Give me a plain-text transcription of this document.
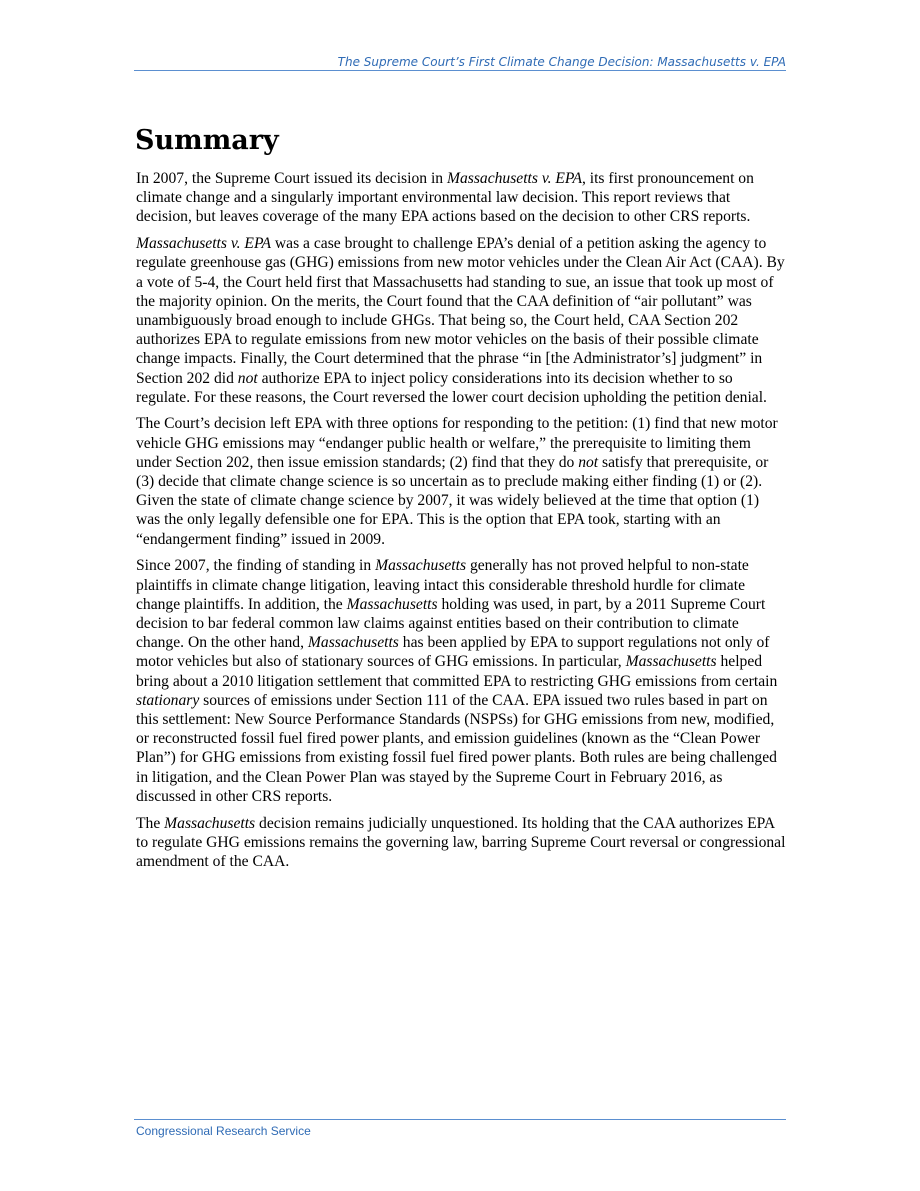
The Supreme Court’s First Climate Change Decision: Massachusetts v. EPA
Summary

In 2007, the Supreme Court issued its decision in Massachusetts v. EPA, its first pronouncement on climate change and a singularly important environmental law decision. This report reviews that decision, but leaves coverage of the many EPA actions based on the decision to other CRS reports.

Massachusetts v. EPA was a case brought to challenge EPA’s denial of a petition asking the agency to regulate greenhouse gas (GHG) emissions from new motor vehicles under the Clean Air Act (CAA). By a vote of 5-4, the Court held first that Massachusetts had standing to sue, an issue that took up most of the majority opinion. On the merits, the Court found that the CAA definition of “air pollutant” was unambiguously broad enough to include GHGs. That being so, the Court held, CAA Section 202 authorizes EPA to regulate emissions from new motor vehicles on the basis of their possible climate change impacts. Finally, the Court determined that the phrase “in [the Administrator’s] judgment” in Section 202 did not authorize EPA to inject policy considerations into its decision whether to so regulate. For these reasons, the Court reversed the lower court decision upholding the petition denial.

The Court’s decision left EPA with three options for responding to the petition: (1) find that new motor vehicle GHG emissions may “endanger public health or welfare,” the prerequisite to limiting them under Section 202, then issue emission standards; (2) find that they do not satisfy that prerequisite, or (3) decide that climate change science is so uncertain as to preclude making either finding (1) or (2). Given the state of climate change science by 2007, it was widely believed at the time that option (1) was the only legally defensible one for EPA. This is the option that EPA took, starting with an “endangerment finding” issued in 2009.

Since 2007, the finding of standing in Massachusetts generally has not proved helpful to non-state plaintiffs in climate change litigation, leaving intact this considerable threshold hurdle for climate change plaintiffs. In addition, the Massachusetts holding was used, in part, by a 2011 Supreme Court decision to bar federal common law claims against entities based on their contribution to climate change. On the other hand, Massachusetts has been applied by EPA to support regulations not only of motor vehicles but also of stationary sources of GHG emissions. In particular, Massachusetts helped bring about a 2010 litigation settlement that committed EPA to restricting GHG emissions from certain stationary sources of emissions under Section 111 of the CAA. EPA issued two rules based in part on this settlement: New Source Performance Standards (NSPSs) for GHG emissions from new, modified, or reconstructed fossil fuel fired power plants, and emission guidelines (known as the “Clean Power Plan”) for GHG emissions from existing fossil fuel fired power plants. Both rules are being challenged in litigation, and the Clean Power Plan was stayed by the Supreme Court in February 2016, as discussed in other CRS reports.

The Massachusetts decision remains judicially unquestioned. Its holding that the CAA authorizes EPA to regulate GHG emissions remains the governing law, barring Supreme Court reversal or congressional amendment of the CAA.

Congressional Research Service
